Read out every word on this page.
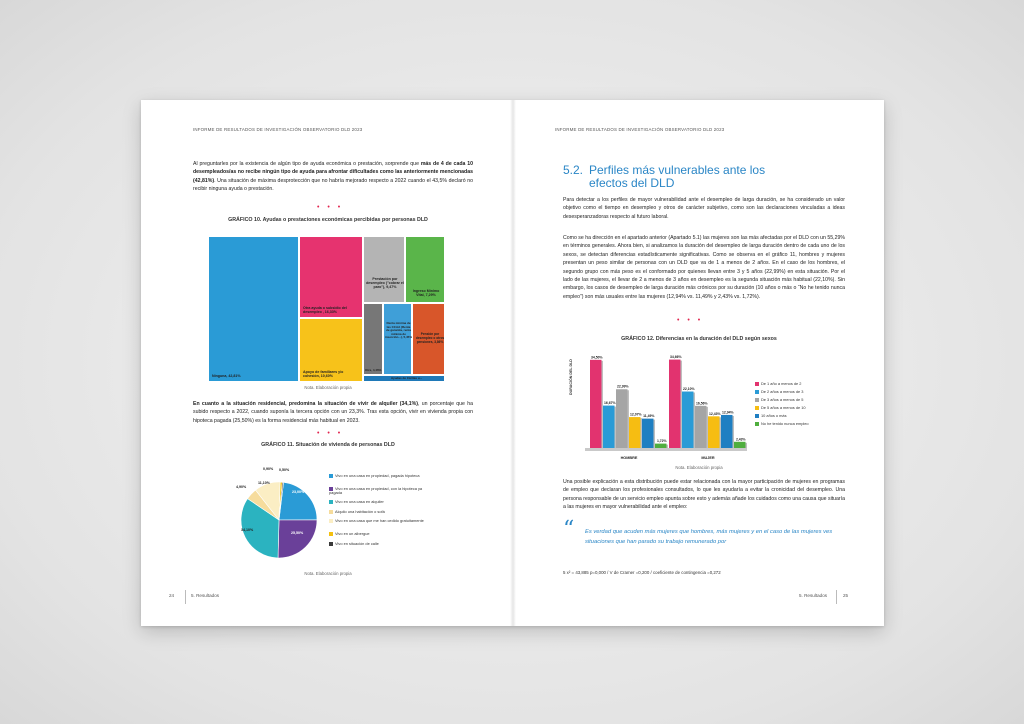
INFORME DE RESULTADOS DE INVESTIGACIÓN OBSERVATORIO DLD 2023
Al preguntarles por la existencia de algún tipo de ayuda económica o prestación, sorprende que más de 4 de cada 10 desempleados/as no recibe ningún tipo de ayuda para afrontar dificultades como las anteriormente mencionadas (42,81%). Una situación de máxima desprotección que no habría mejorado respecto a 2022 cuando el 43,5% declaró no recibir ninguna ayuda o prestación.
• • •
GRÁFICO 10. Ayudas o prestaciones económicas percibidas por personas DLD
Ninguna, 42,81%
Otra ayuda o subsidio del desempleo , 16,33%
Apoyo de familiares y/o cohesión, 10,60%
Prestación por desempleo ("cobrar el paro"), 9,47%
Ingreso Mínimo Vital, 7,29%
Otra, 4,46%
Renta mínima de las CCAA (Renta de garantía, renta mínima de inserción...), 5,45%
Pensión por desempleo o otros pensiones, 3,86%
Ayudas de Cáritas u...
Nota. Elaboración propia
En cuanto a la situación residencial, predomina la situación de vivir de alquiler (34,1%), un porcentaje que ha subido respecto a 2022, cuando suponía la tercera opción con un 23,3%. Tras esta opción, vivir en vivienda propia con hipoteca pagada (25,50%) es la forma residencial más habitual en 2023.
GRÁFICO 11. Situación de vivienda de personas DLD
• • •
23,00%
25,50%
34,10%
4,90%
11,10%
0,90% 0,50%
Vivo en una casa en propiedad, pagada hipoteca
Vivo en una casa en propiedad, con la hipoteca ya pagada
Vivo en una casa en alquiler
Alquilo una habitación o sofá
Vivo en una casa que me han cedido gratuitamente
Vivo en un albergue
Vivo en situación de calle
Nota. Elaboración propia
24	5. Resultados
INFORME DE RESULTADOS DE INVESTIGACIÓN OBSERVATORIO DLD 2023
5.2. Perfiles más vulnerables ante los efectos del DLD
Para detectar a los perfiles de mayor vulnerabilidad ante el desempleo de larga duración, se ha considerado un valor objetivo como el tiempo en desempleo y otros de carácter subjetivo, como son las declaraciones vinculadas a ideas desesperanzadoras respecto al futuro laboral.
Como se ha dirección en el apartado anterior (Apartado 5.1) las mujeres son las más afectadas por el DLD con un 55,29% en términos generales. Ahora bien, si analizamos la duración del desempleo de larga duración dentro de cada uno de los sexos, se detectan diferencias estadísticamente significativas. Como se observa en el gráfico 11, hombres y mujeres presentan un peso similar de personas con un DLD que va de 1 a menos de 2 años. En el caso de los hombres, el segundo grupo con más peso es el conformado por quienes llevan entre 3 y 5 años (22,99%) en esta situación. Por el lado de las mujeres, el llevar de 2 a menos de 3 años en desempleo es la segunda situación más habitual (22,10%). Sin embargo, los casos de desempleo de larga duración más crónicos por su duración (10 años o más o “No he tenido nunca empleo”) son más usuales entre las mujeres (12,94% vs. 11,49% y 2,43% vs. 1,72%).
• • •
GRÁFICO 12. Diferencias en la duración del DLD según sexos
34,50%
16,67%
22,99%
12,07% 11,49%
1,72%
HOMBRE
34,66%
22,10%
16,56%
12,43% 12,94%
2,43%
MUJER
DURACIÓN DEL DLD	De 1 año a menos de 2
De 2 años a menos de 3
De 3 años a menos de 5
De 5 años a menos de 10
10 años o más
No he tenido nunca empleo
Nota. Elaboración propia
Una posible explicación a esta distribución puede estar relacionada con la mayor participación de mujeres en programas de empleo que declaran los profesionales consultados, lo que les ayudaría a evitar la cronicidad del desempleo. Una persona responsable de un servicio empleo apunta sobre esto y además añade los cuidados como una causa que situaría a las mujeres en mayor vulnerabilidad ante el empleo:
“ Es verdad que acuden más mujeres que hombres, más mujeres y en el caso de las mujeres ves situaciones que han parado su trabajo remunerado por
5 x² = 43,885 p=0,000 / V de Cramer =0,200 / coeficiente de contingencia =0,272
5. Resultados	25
